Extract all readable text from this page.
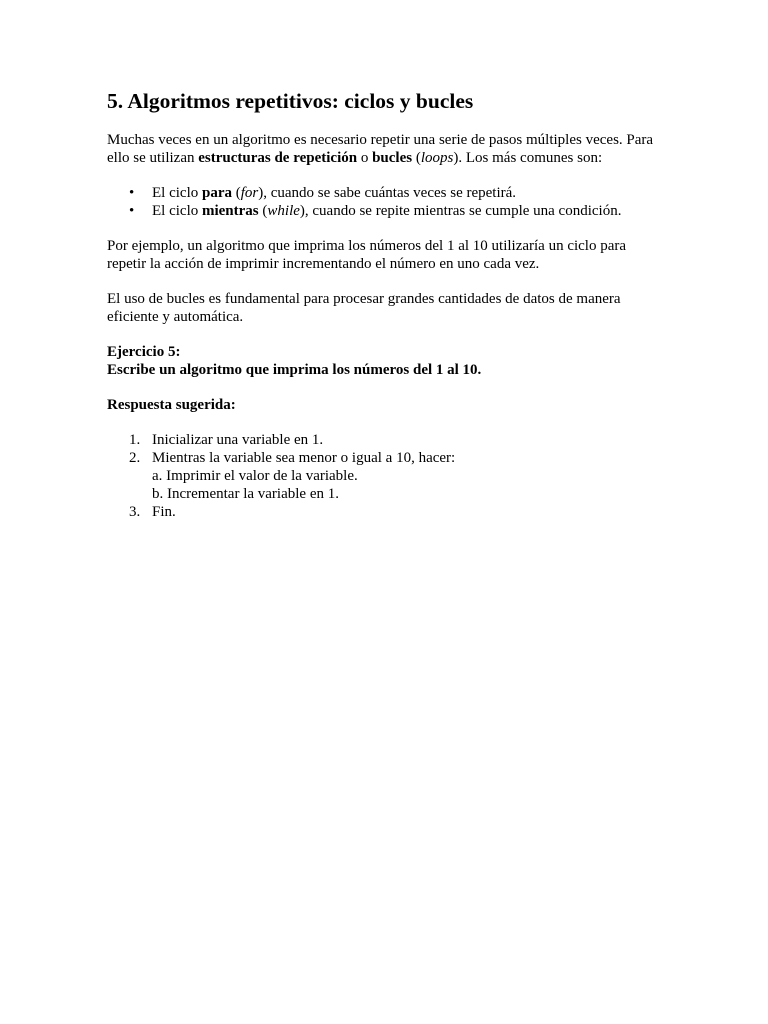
5. Algoritmos repetitivos: ciclos y bucles

Muchas veces en un algoritmo es necesario repetir una serie de pasos múltiples veces. Para ello se utilizan estructuras de repetición o bucles (loops). Los más comunes son:

• El ciclo para (for), cuando se sabe cuántas veces se repetirá.
• El ciclo mientras (while), cuando se repite mientras se cumple una condición.

Por ejemplo, un algoritmo que imprima los números del 1 al 10 utilizaría un ciclo para repetir la acción de imprimir incrementando el número en uno cada vez.

El uso de bucles es fundamental para procesar grandes cantidades de datos de manera eficiente y automática.

Ejercicio 5:
Escribe un algoritmo que imprima los números del 1 al 10.
Respuesta sugerida:
1. Inicializar una variable en 1.
2. Mientras la variable sea menor o igual a 10, hacer:
a. Imprimir el valor de la variable.
b. Incrementar la variable en 1.
3. Fin.
